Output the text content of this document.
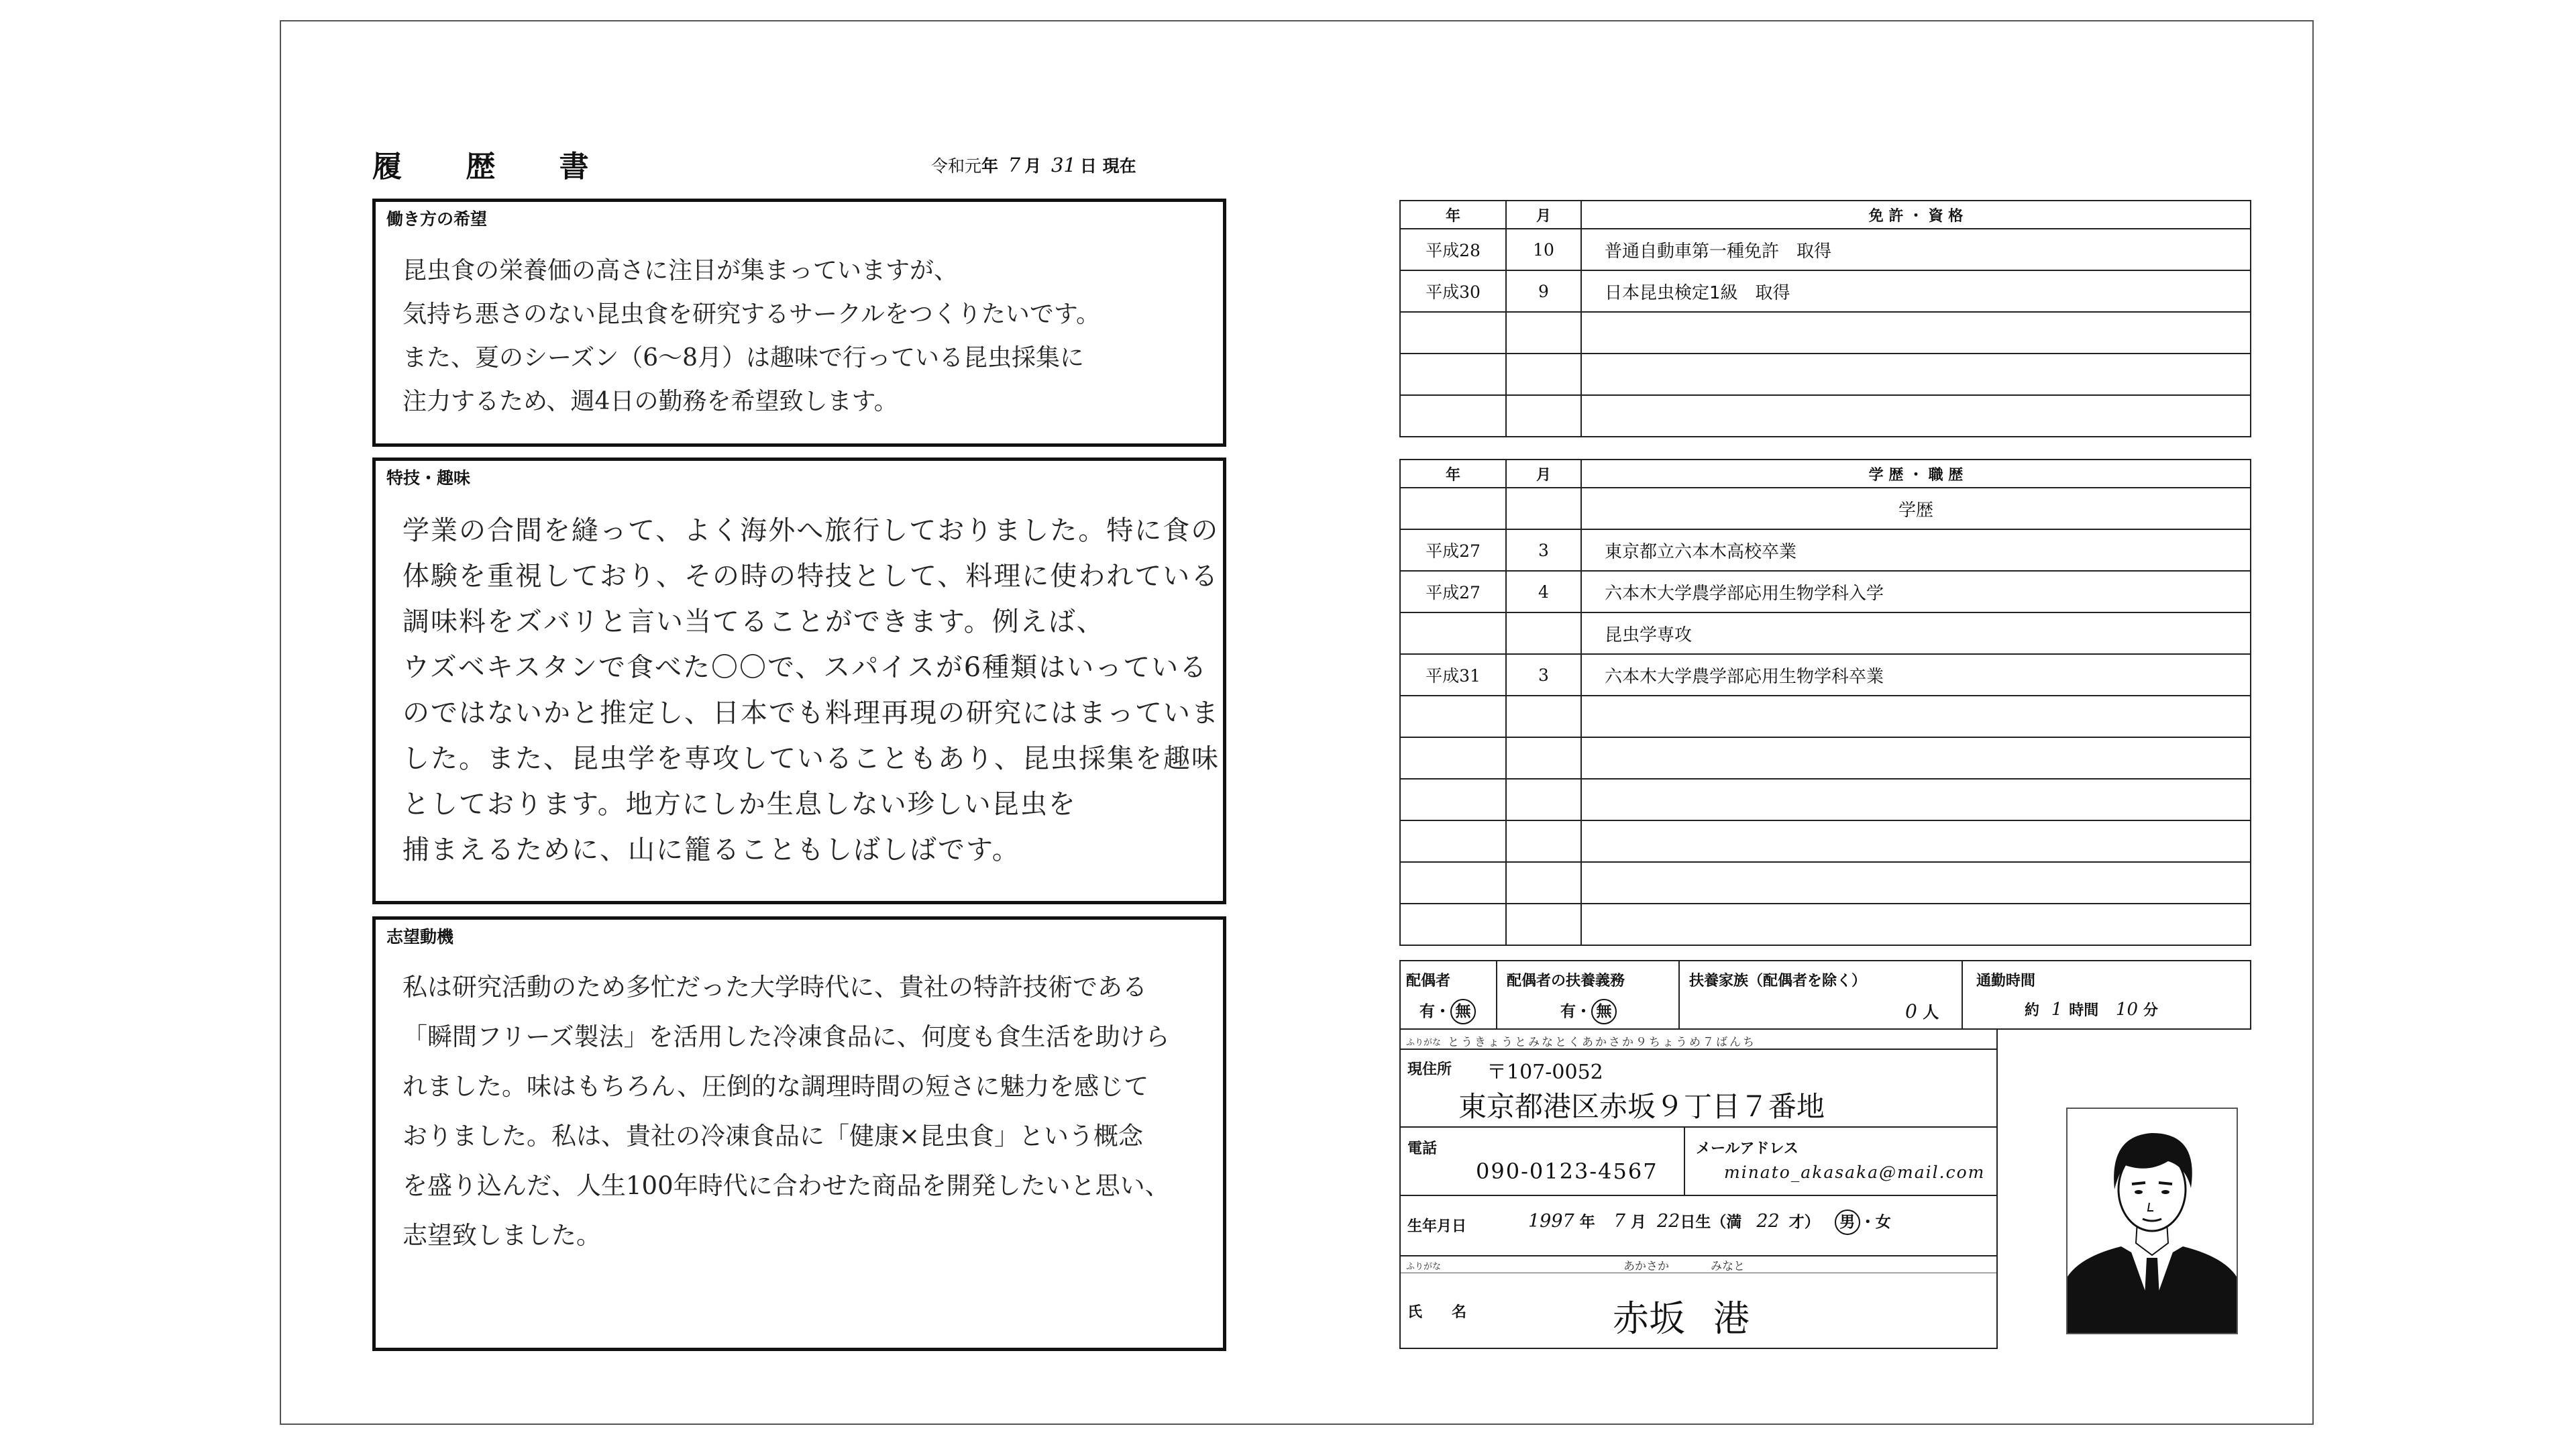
履 歴 書	令和元年 7 月 31 日 現在
働き方の希望
昆虫食の栄養価の高さに注目が集まっていますが、
気持ち悪さのない昆虫食を研究するサークルをつくりたいです。
また、夏のシーズン（6〜8月）は趣味で行っている昆虫採集に
注力するため、週4日の勤務を希望致します。
特技・趣味
学業の合間を縫って、よく海外へ旅行しておりました。特に食の
体験を重視しており、その時の特技として、料理に使われている
調味料をズバリと言い当てることができます。例えば、
ウズベキスタンで食べた〇〇で、スパイスが6種類はいっている
のではないかと推定し、日本でも料理再現の研究にはまっていま
した。また、昆虫学を専攻していることもあり、昆虫採集を趣味
としております。地方にしか生息しない珍しい昆虫を
捕まえるために、山に籠ることもしばしばです。
志望動機
私は研究活動のため多忙だった大学時代に、貴社の特許技術である
「瞬間フリーズ製法」を活用した冷凍食品に、何度も食生活を助けら
れました。味はもちろん、圧倒的な調理時間の短さに魅力を感じて
おりました。私は、貴社の冷凍食品に「健康×昆虫食」という概念
を盛り込んだ、人生100年時代に合わせた商品を開発したいと思い、
志望致しました。
年	月	免 許 ・ 資 格
平成28	10	普通自動車第一種免許　取得
平成30	9	日本昆虫検定1級　取得

年	月	学 歴 ・ 職 歴
		学歴
平成27	3	東京都立六本木高校卒業
平成27	4	六本木大学農学部応用生物学科入学
		昆虫学専攻
平成31	3	六本木大学農学部応用生物学科卒業

配偶者
有・ 無
配偶者の扶養義務
有・ 無
扶養家族（配偶者を除く）
0 人
通勤時間
約 1 時間 10 分
ふりがな とうきょうとみなとくあかさか９ちょうめ７ばんち
現住所 〒107-0052
東京都港区赤坂９丁目７番地
電話
090-0123-4567
メールアドレス
minato_akasaka@mail.com
生年月日	1997 年 7 月 22日生（満 22 才） 男 ・女
ふりがな	あかさか	みなと
氏　　名	赤坂 港
